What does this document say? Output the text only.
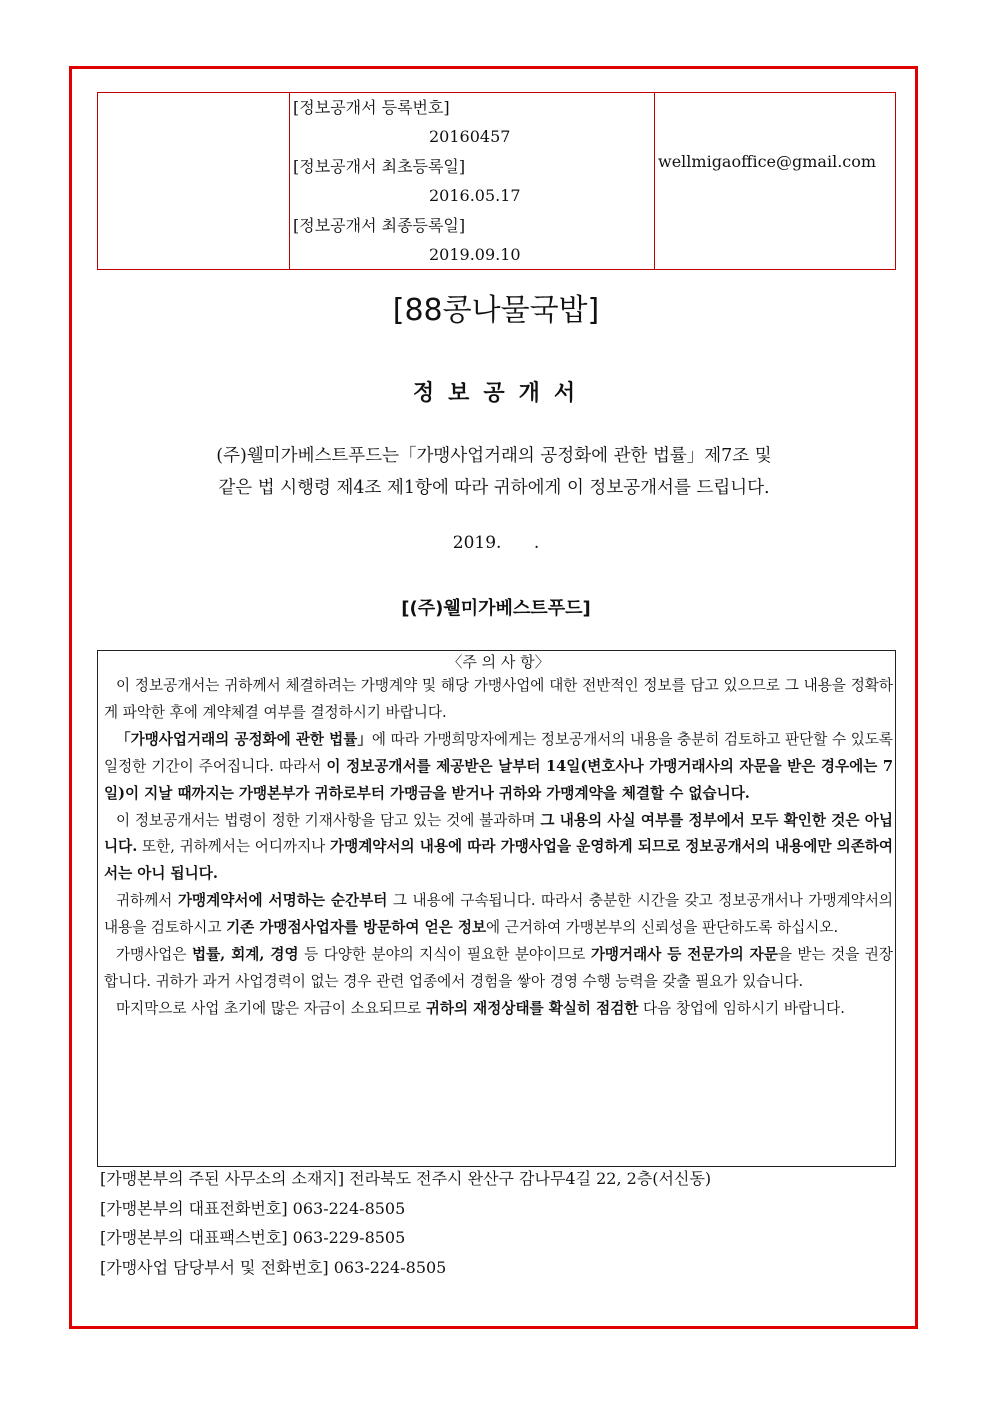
[정보공개서 등록번호]
20160457
[정보공개서 최초등록일]
2016.05.17
[정보공개서 최종등록일]
2019.09.10

wellmigaoffice@gmail.com
[88콩나물국밥]
정보공개서
(주)웰미가베스트푸드는「가맹사업거래의 공정화에 관한 법률」제7조 및
같은 법 시행령 제4조 제1항에 따라 귀하에게 이 정보공개서를 드립니다.
2019.      .
[(주)웰미가베스트푸드]
〈주 의 사 항〉

이 정보공개서는 귀하께서 체결하려는 가맹계약 및 해당 가맹사업에 대한 전반적인 정보를 담고 있으므로 그 내용을 정확하게 파악한 후에 계약체결 여부를 결정하시기 바랍니다.

「가맹사업거래의 공정화에 관한 법률」에 따라 가맹희망자에게는 정보공개서의 내용을 충분히 검토하고 판단할 수 있도록 일정한 기간이 주어집니다. 따라서 이 정보공개서를 제공받은 날부터 14일(변호사나 가맹거래사의 자문을 받은 경우에는 7일)이 지날 때까지는 가맹본부가 귀하로부터 가맹금을 받거나 귀하와 가맹계약을 체결할 수 없습니다.

이 정보공개서는 법령이 정한 기재사항을 담고 있는 것에 불과하며 그 내용의 사실 여부를 정부에서 모두 확인한 것은 아닙니다. 또한, 귀하께서는 어디까지나 가맹계약서의 내용에 따라 가맹사업을 운영하게 되므로 정보공개서의 내용에만 의존하여서는 아니 됩니다.

귀하께서 가맹계약서에 서명하는 순간부터 그 내용에 구속됩니다. 따라서 충분한 시간을 갖고 정보공개서나 가맹계약서의 내용을 검토하시고 기존 가맹점사업자를 방문하여 얻은 정보에 근거하여 가맹본부의 신뢰성을 판단하도록 하십시오.

가맹사업은 법률, 회계, 경영 등 다양한 분야의 지식이 필요한 분야이므로 가맹거래사 등 전문가의 자문을 받는 것을 권장합니다. 귀하가 과거 사업경력이 없는 경우 관련 업종에서 경험을 쌓아 경영 수행 능력을 갖출 필요가 있습니다.

마지막으로 사업 초기에 많은 자금이 소요되므로 귀하의 재정상태를 확실히 점검한 다음 창업에 임하시기 바랍니다.

[가맹본부의 주된 사무소의 소재지] 전라북도 전주시 완산구 감나무4길 22, 2층(서신동)
[가맹본부의 대표전화번호] 063-224-8505
[가맹본부의 대표팩스번호] 063-229-8505
[가맹사업 담당부서 및 전화번호] 063-224-8505
